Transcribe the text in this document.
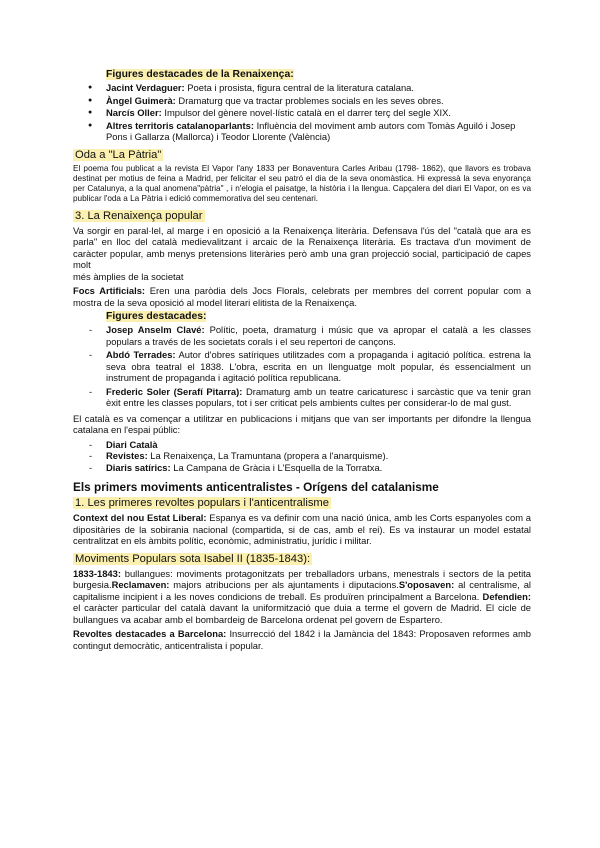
Figures destacades de la Renaixença:
● Jacint Verdaguer: Poeta i prosista, figura central de la literatura catalana.
● Àngel Guimerà: Dramaturg que va tractar problemes socials en les seves obres.
● Narcís Oller: Impulsor del gènere novel·lístic català en el darrer terç del segle XIX.
● Altres territoris catalanoparlants: Influència del moviment amb autors com Tomàs Aguiló i Josep Pons i Gallarza (Mallorca) i Teodor Llorente (València)
Oda a "La Pàtria"

El poema fou publicat a la revista El Vapor l'any 1833 per Bonaventura Carles Aribau (1798- 1862), que llavors es trobava destinat per motius de feina a Madrid, per felicitar el seu patró el dia de la seva onomàstica. Hi expressà la seva enyorança per Catalunya, a la qual anomena"pàtria" , i n'elogia el paisatge, la història i la llengua. Capçalera del diari El Vapor, on es va publicar l'oda a La Pàtria i edició commemorativa del seu centenari.

3. La Renaixença popular

Va sorgir en paral·lel, al marge i en oposició a la Renaixença literària. Defensava l'ús del "català que ara es parla" en lloc del català medievalitzant i arcaic de la Renaixença literària. Es tractava d'un moviment de caràcter popular, amb menys pretensions literàries però amb una gran projecció social, participació de capes molt

més àmplies de la societat

Focs Artificials: Eren una paròdia dels Jocs Florals, celebrats per membres del corrent popular com a mostra de la seva oposició al model literari elitista de la Renaixença.

Figures destacades:
- Josep Anselm Clavé: Polític, poeta, dramaturg i músic que va apropar el català a les classes populars a través de les societats corals i el seu repertori de cançons.
- Abdó Terrades: Autor d'obres satíriques utilitzades com a propaganda i agitació política. estrena la seva obra teatral el 1838. L'obra, escrita en un llenguatge molt popular, és essencialment un instrument de propaganda i agitació política republicana.
- Frederic Soler (Serafí Pitarra): Dramaturg amb un teatre caricaturesc i sarcàstic que va tenir gran èxit entre les classes populars, tot i ser criticat pels ambients cultes per considerar-lo de mal gust.

El català es va començar a utilitzar en publicacions i mitjans que van ser importants per difondre la llengua catalana en l'espai públic:

- Diari Català
- Revistes: La Renaixença, La Tramuntana (propera a l'anarquisme).
- Diaris satírics: La Campana de Gràcia i L'Esquella de la Torratxa.
Els primers moviments anticentralistes - Orígens del catalanisme
1. Les primeres revoltes populars i l'anticentralisme

Context del nou Estat Liberal: Espanya es va definir com una nació única, amb les Corts espanyoles com a dipositàries de la sobirania nacional (compartida, si de cas, amb el rei). Es va instaurar un model estatal centralitzat en els àmbits polític, econòmic, administratiu, jurídic i militar.

Moviments Populars sota Isabel II (1835-1843):

1833-1843: bullangues: moviments protagonitzats per treballadors urbans, menestrals i sectors de la petita burgesia.Reclamaven: majors atribucions per als ajuntaments i diputacions.S'oposaven: al centralisme, al capitalisme incipient i a les noves condicions de treball. Es produïren principalment a Barcelona. Defendien: el caràcter particular del català davant la uniformització que duia a terme el govern de Madrid. El cicle de bullangues va acabar amb el bombardeig de Barcelona ordenat pel govern de Espartero.

Revoltes destacades a Barcelona: Insurrecció del 1842 i la Jamància del 1843: Proposaven reformes amb contingut democràtic, anticentralista i popular.
